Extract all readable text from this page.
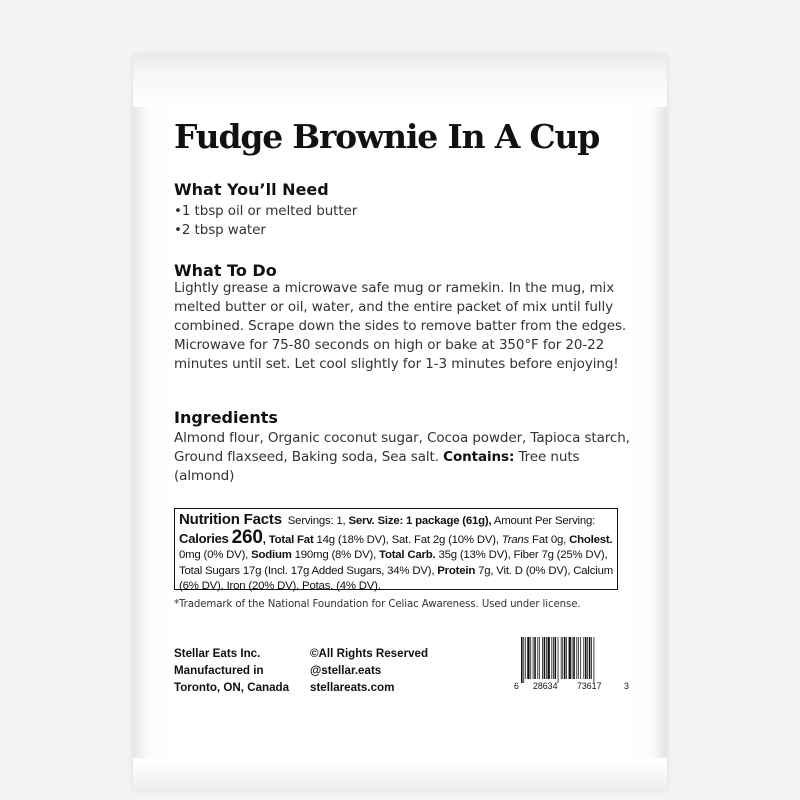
Fudge Brownie In A Cup
What You’ll Need
•1 tbsp oil or melted butter
•2 tbsp water
What To Do
Lightly grease a microwave safe mug or ramekin. In the mug, mix melted butter or oil, water, and the entire packet of mix until fully combined. Scrape down the sides to remove batter from the edges. Microwave for 75-80 seconds on high or bake at 350°F for 20-22 minutes until set. Let cool slightly for 1-3 minutes before enjoying!
Ingredients
Almond flour, Organic coconut sugar, Cocoa powder, Tapioca starch, Ground flaxseed, Baking soda, Sea salt. Contains: Tree nuts (almond)
Nutrition Facts Servings: 1, Serv. Size: 1 package (61g), Amount Per Serving: Calories 260, Total Fat 14g (18% DV), Sat. Fat 2g (10% DV), Trans Fat 0g, Cholest. 0mg (0% DV), Sodium 190mg (8% DV), Total Carb. 35g (13% DV), Fiber 7g (25% DV), Total Sugars 17g (Incl. 17g Added Sugars, 34% DV), Protein 7g, Vit. D (0% DV), Calcium (6% DV), Iron (20% DV), Potas. (4% DV).
*Trademark of the National Foundation for Celiac Awareness. Used under license.
Stellar Eats Inc.
Manufactured in
Toronto, ON, Canada
©All Rights Reserved
@stellar.eats
stellareats.com	6 28634 73617	3
